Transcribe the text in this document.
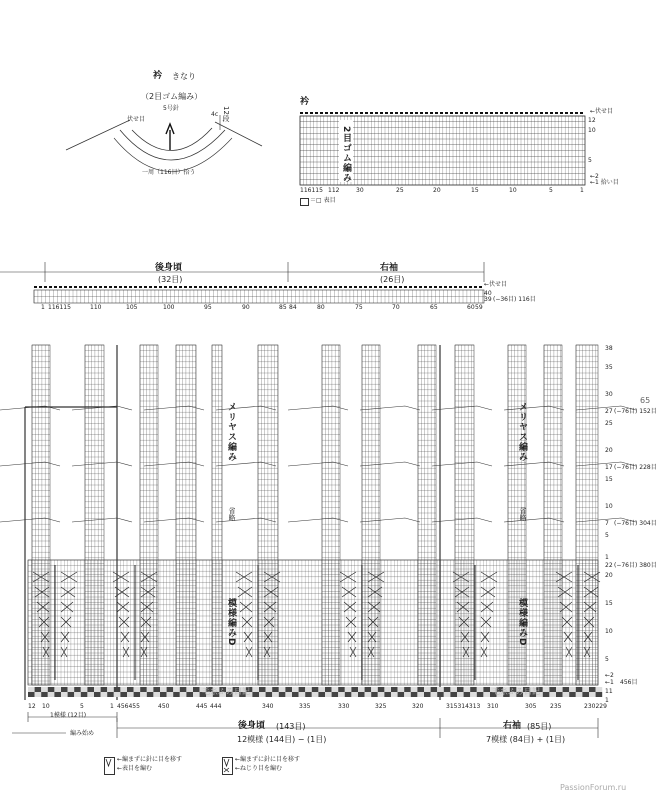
衿 きなり
（2目ゴム編み）
5号針
伏せ目
4c 12段
一周（116目）拾う
衿
2目ゴム編み
←伏せ目
12
10
5
←2
←1 拾い目
116115 112	30	25	20	15	10	5	1
＝□ 表目
後身頃
(32目)
右袖
(26目)
←伏せ目
40
39 (−36目) 116目
1 116115	110	105	100	95	90	85 84	80	75	70	65	60 59
38
35
30
27
25
20
17
15
10
7
5
1
22
20
15
10
5
←2
←1
11
1
(−76目) 152目
(−76目) 228目
(−76目) 304目
(−76目) 380目
456目
65
メリヤス編み
省略
模様編みD
メリヤス編み
省略
模様編みD
毛糸ふみ日記	毛糸ふみ日記
12 10	5	1 456455	450	445 444	340	335	330	325	320	315314313 310	305 235	230229
1模様 (12目)
編み始め
後身頃 (143目)
12模様 (144目) − (1目)
右袖 (85目)
7模様 (84目) + (1目)
←編まずに針に目を移す
←表目を編む
←編まずに針に目を移す
←ねじり目を編む
PassionForum.ru
